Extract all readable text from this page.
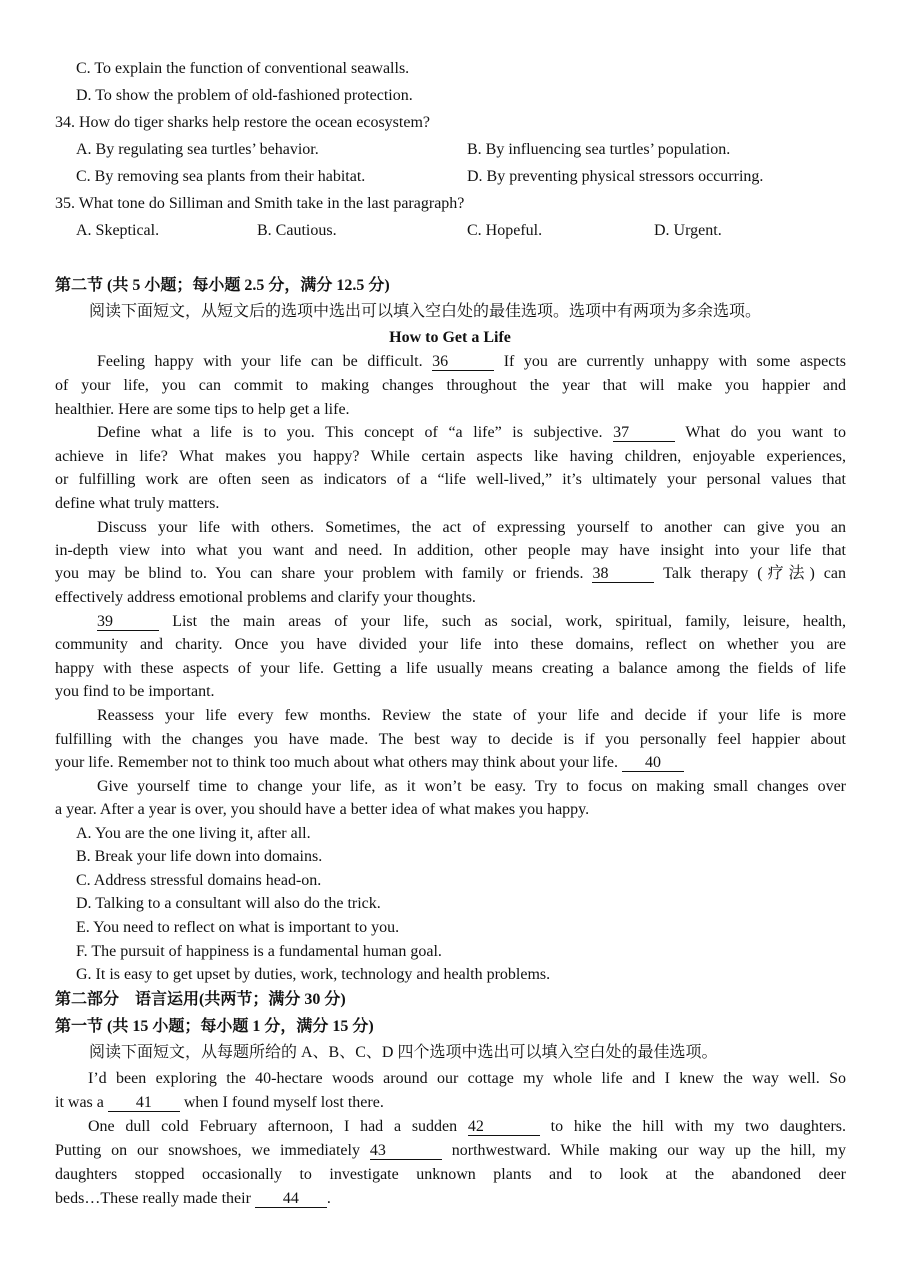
C. To explain the function of conventional seawalls.
D. To show the problem of old-fashioned protection.
34. How do tiger sharks help restore the ocean ecosystem?
A. By regulating sea turtles’ behavior.	B. By influencing sea turtles’ population.
C. By removing sea plants from their habitat.	D. By preventing physical stressors occurring.
35. What tone do Silliman and Smith take in the last paragraph?
A. Skeptical.	B. Cautious.	C. Hopeful.	D. Urgent.
第二节 (共 5 小题；每小题 2.5 分，满分 12.5 分)
阅读下面短文，从短文后的选项中选出可以填入空白处的最佳选项。选项中有两项为多余选项。
How to Get a Life
Feeling happy with your life can be difficult. 36	If you are currently unhappy with some aspects
of your life, you can commit to making changes throughout the year that will make you happier and
healthier. Here are some tips to help get a life.
Define what a life is to you. This concept of “a life” is subjective. 37	What do you want to
achieve in life? What makes you happy? While certain aspects like having children, enjoyable experiences,
or fulfilling work are often seen as indicators of a “life well-lived,” it’s ultimately your personal values that
define what truly matters.
Discuss your life with others. Sometimes, the act of expressing yourself to another can give you an
in-depth view into what you want and need. In addition, other people may have insight into your life that
you may be blind to. You can share your problem with family or friends. 38	Talk therapy (疗法) can
effectively address emotional problems and clarify your thoughts.
39	List the main areas of your life, such as social, work, spiritual, family, leisure, health,
community and charity. Once you have divided your life into these domains, reflect on whether you are
happy with these aspects of your life. Getting a life usually means creating a balance among the fields of life
you find to be important.
Reassess your life every few months. Review the state of your life and decide if your life is more
fulfilling with the changes you have made. The best way to decide is if you personally feel happier about
your life. Remember not to think too much about what others may think about your life. 40
Give yourself time to change your life, as it won’t be easy. Try to focus on making small changes over
a year. After a year is over, you should have a better idea of what makes you happy.
A. You are the one living it, after all.
B. Break your life down into domains.
C. Address stressful domains head-on.
D. Talking to a consultant will also do the trick.
E. You need to reflect on what is important to you.
F. The pursuit of happiness is a fundamental human goal.
G. It is easy to get upset by duties, work, technology and health problems.
第二部分　语言运用(共两节；满分 30 分)
第一节 (共 15 小题；每小题 1 分，满分 15 分)
阅读下面短文，从每题所给的 A、B、C、D 四个选项中选出可以填入空白处的最佳选项。
I’d been exploring the 40-hectare woods around our cottage my whole life and I knew the way well. So
it was a 41 when I found myself lost there.
One dull cold February afternoon, I had a sudden 42	to hike the hill with my two daughters.
Putting on our snowshoes, we immediately 43	northwestward. While making our way up the hill, my
daughters stopped occasionally to investigate unknown plants and to look at the abandoned deer
beds…These really made their 44 .
